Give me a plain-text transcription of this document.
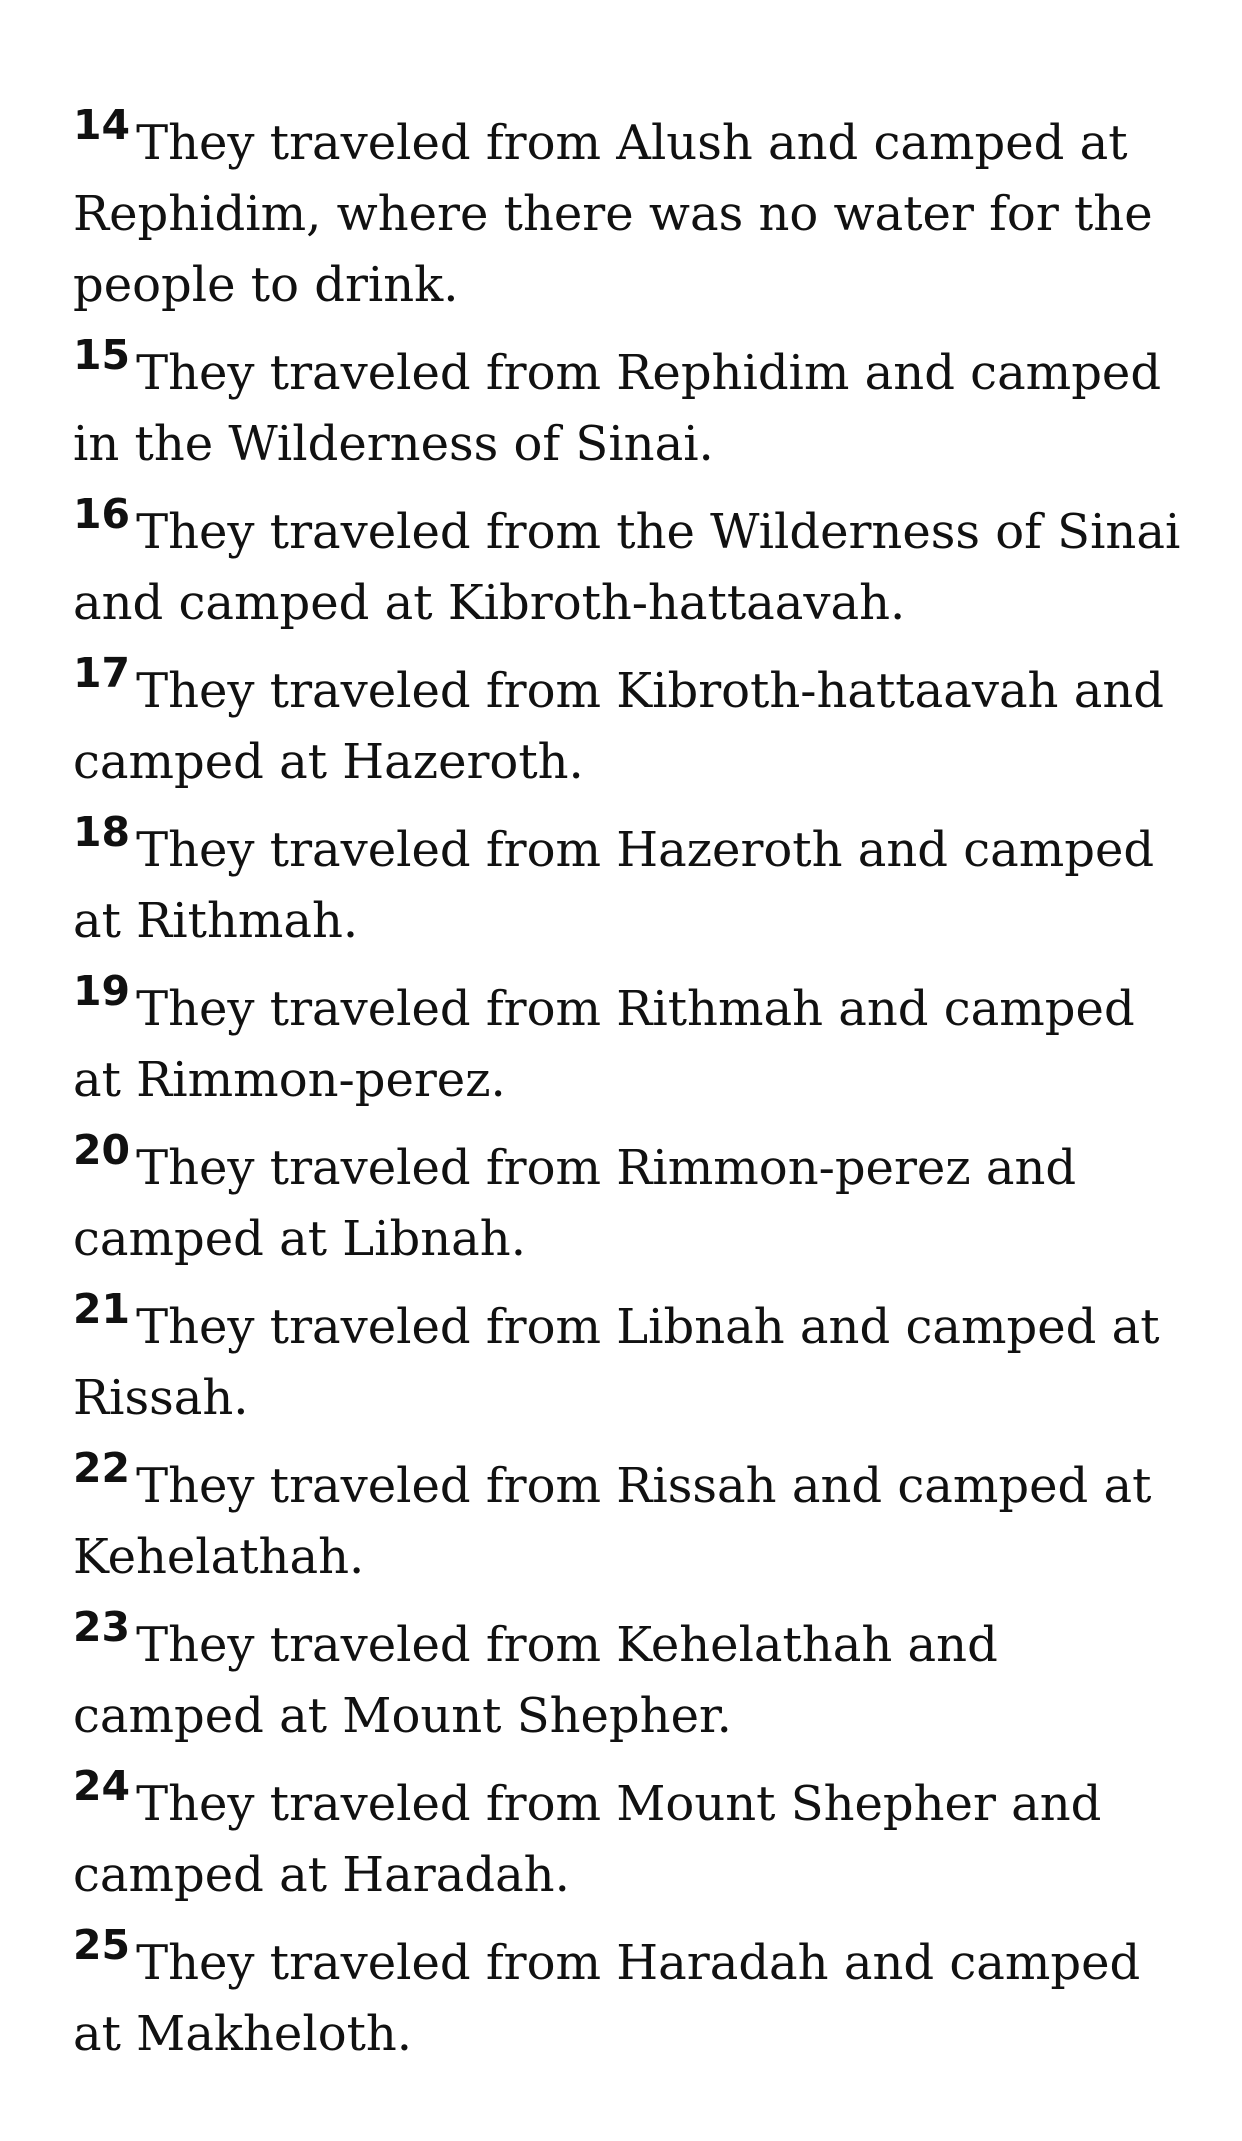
14 They traveled from Alush and camped at Rephidim, where there was no water for the people to drink.

15 They traveled from Rephidim and camped in the Wilderness of Sinai.

16 They traveled from the Wilderness of Sinai and camped at Kibroth-hattaavah.

17 They traveled from Kibroth-hattaavah and camped at Hazeroth.

18 They traveled from Hazeroth and camped at Rithmah.

19 They traveled from Rithmah and camped at Rimmon-perez.

20 They traveled from Rimmon-perez and camped at Libnah.

21 They traveled from Libnah and camped at Rissah.

22 They traveled from Rissah and camped at Kehelathah.

23 They traveled from Kehelathah and camped at Mount Shepher.

24 They traveled from Mount Shepher and camped at Haradah.

25 They traveled from Haradah and camped at Makheloth.
